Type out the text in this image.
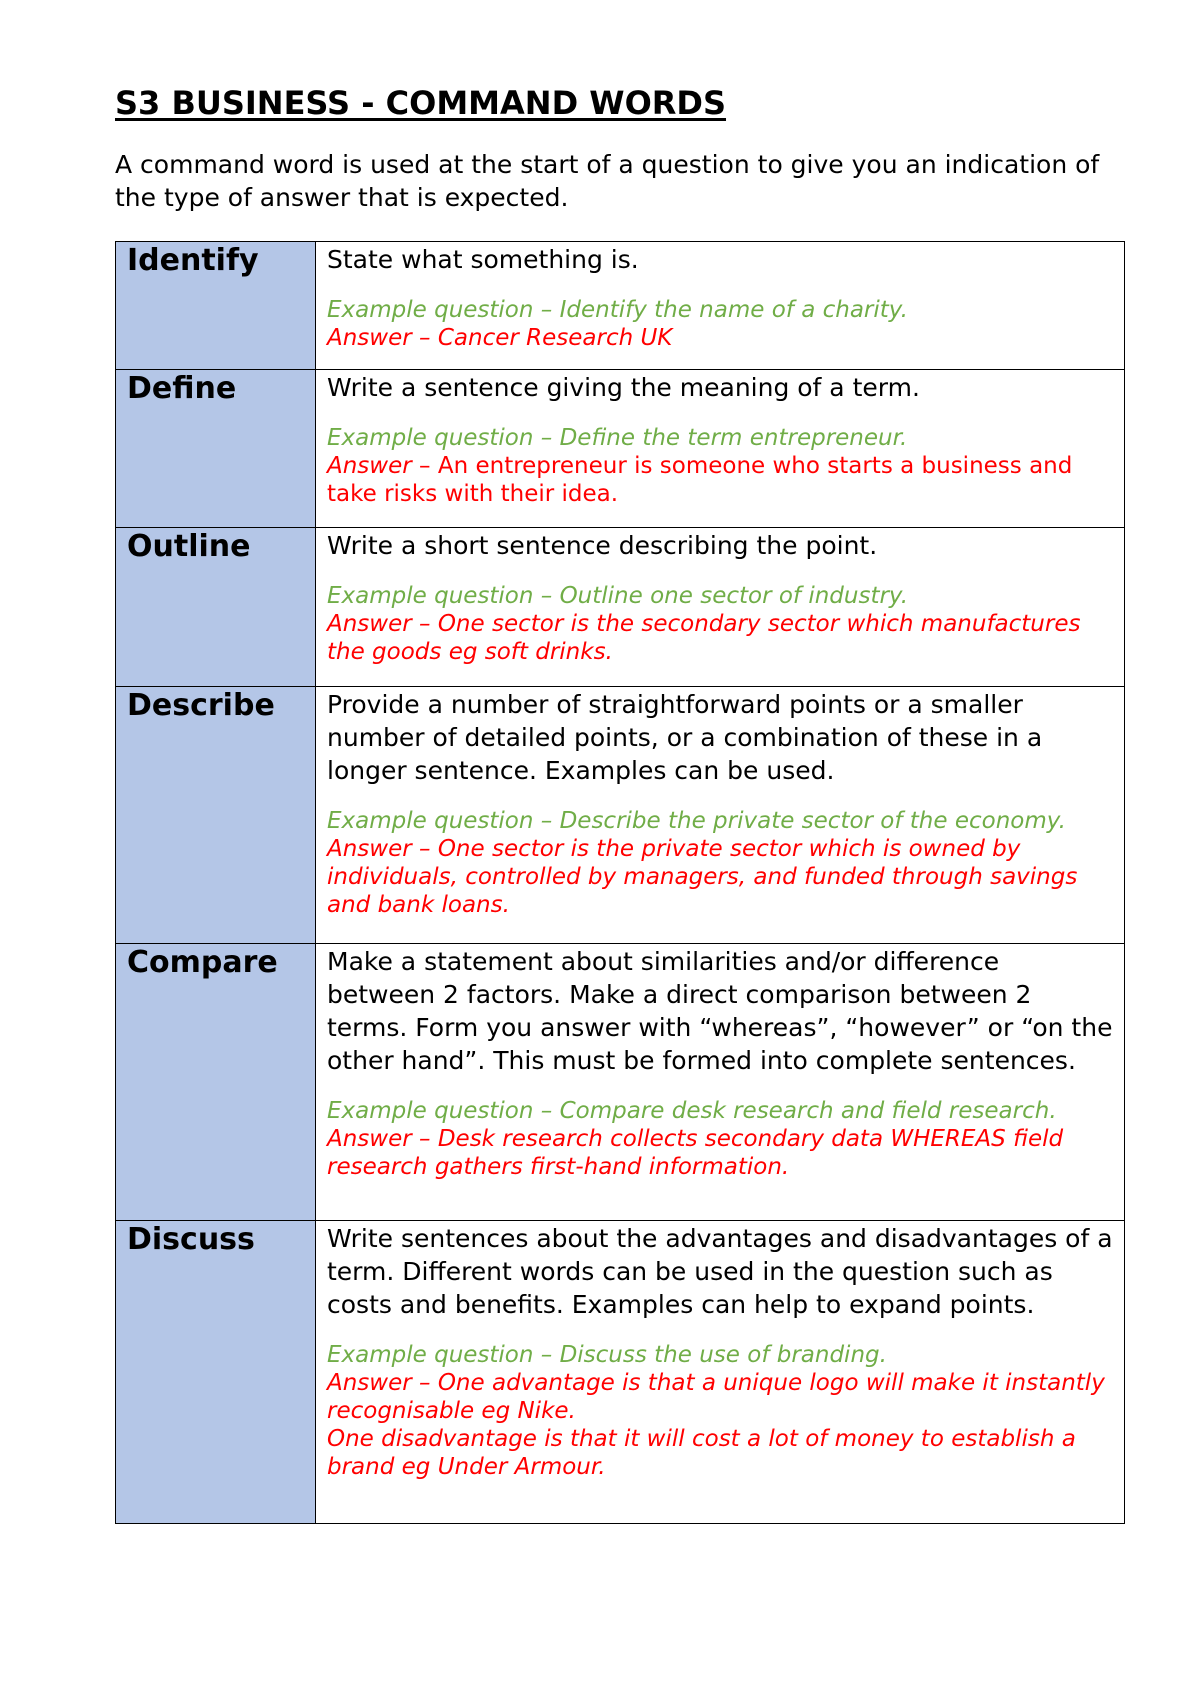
S3 BUSINESS - COMMAND WORDS

A command word is used at the start of a question to give you an indication of the type of answer that is expected.

Identify	State what something is.

Example question – Identify the name of a charity.

Answer – Cancer Research UK

Define	Write a sentence giving the meaning of a term.

Example question – Define the term entrepreneur.

Answer – An entrepreneur is someone who starts a business and take risks with their idea.

Outline	Write a short sentence describing the point.

Example question – Outline one sector of industry.

Answer – One sector is the secondary sector which manufactures the goods eg soft drinks.

Describe	Provide a number of straightforward points or a smaller number of detailed points, or a combination of these in a longer sentence. Examples can be used.

Example question – Describe the private sector of the economy.

Answer – One sector is the private sector which is owned by individuals, controlled by managers, and funded through savings and bank loans.

Compare	Make a statement about similarities and/or difference between 2 factors. Make a direct comparison between 2 terms. Form you answer with “whereas”, “however” or “on the other hand”. This must be formed into complete sentences.

Example question – Compare desk research and field research.

Answer – Desk research collects secondary data WHEREAS field research gathers first-hand information.

Discuss	Write sentences about the advantages and disadvantages of a term. Different words can be used in the question such as costs and benefits. Examples can help to expand points.

Example question – Discuss the use of branding.

Answer – One advantage is that a unique logo will make it instantly recognisable eg Nike.

One disadvantage is that it will cost a lot of money to establish a brand eg Under Armour.
